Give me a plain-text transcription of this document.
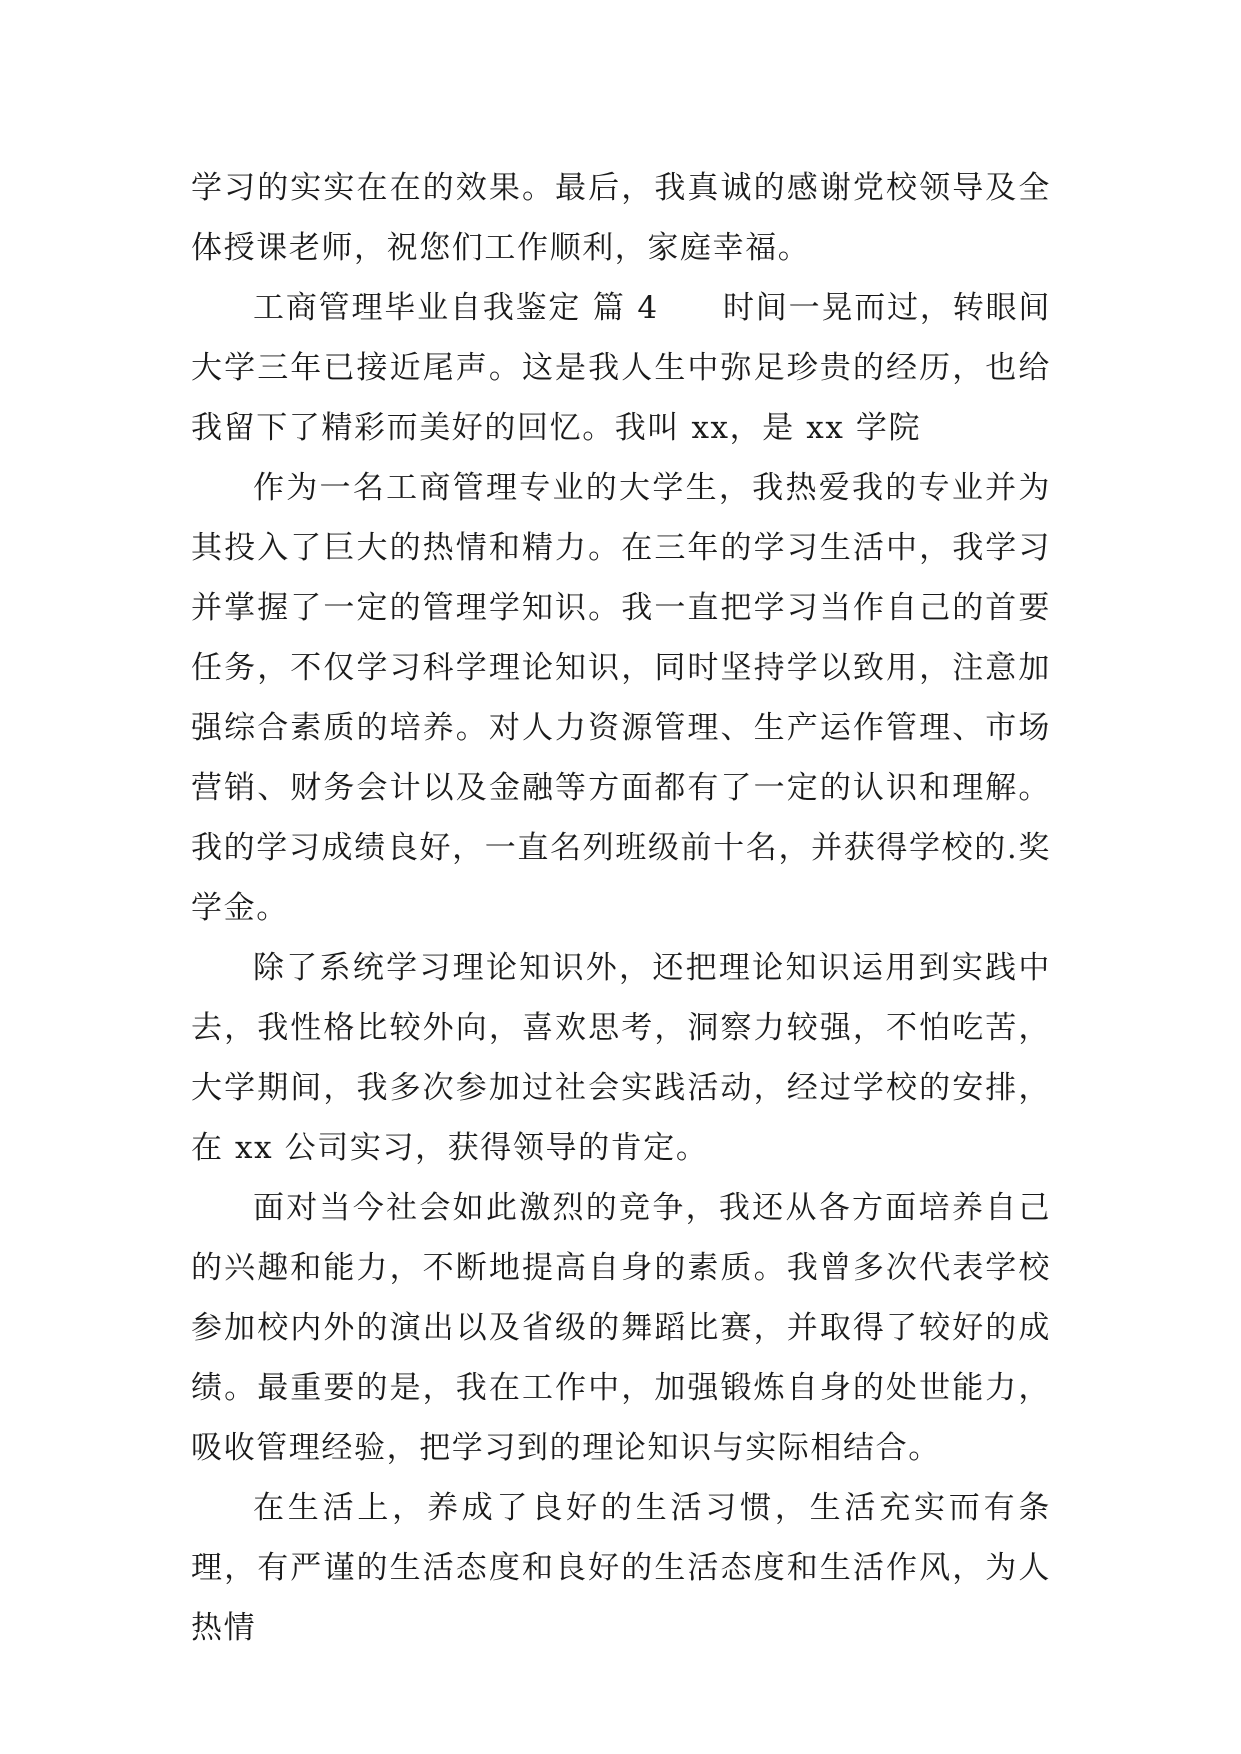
学习的实实在在的效果。最后，我真诚的感谢党校领导及全体授课老师，祝您们工作顺利，家庭幸福。

工商管理毕业自我鉴定 篇 4 时间一晃而过，转眼间大学三年已接近尾声。这是我人生中弥足珍贵的经历，也给我留下了精彩而美好的回忆。我叫 xx，是 xx 学院

作为一名工商管理专业的大学生，我热爱我的专业并为其投入了巨大的热情和精力。在三年的学习生活中，我学习并掌握了一定的管理学知识。我一直把学习当作自己的首要任务，不仅学习科学理论知识，同时坚持学以致用，注意加强综合素质的培养。对人力资源管理、生产运作管理、市场营销、财务会计以及金融等方面都有了一定的认识和理解。我的学习成绩良好，一直名列班级前十名，并获得学校的.奖学金。

除了系统学习理论知识外，还把理论知识运用到实践中去，我性格比较外向，喜欢思考，洞察力较强，不怕吃苦，大学期间，我多次参加过社会实践活动，经过学校的安排，在 xx 公司实习，获得领导的肯定。

面对当今社会如此激烈的竞争，我还从各方面培养自己的兴趣和能力，不断地提高自身的素质。我曾多次代表学校参加校内外的演出以及省级的舞蹈比赛，并取得了较好的成绩。最重要的是，我在工作中，加强锻炼自身的处世能力，吸收管理经验，把学习到的理论知识与实际相结合。

在生活上，养成了良好的生活习惯，生活充实而有条理，有严谨的生活态度和良好的生活态度和生活作风，为人热情
